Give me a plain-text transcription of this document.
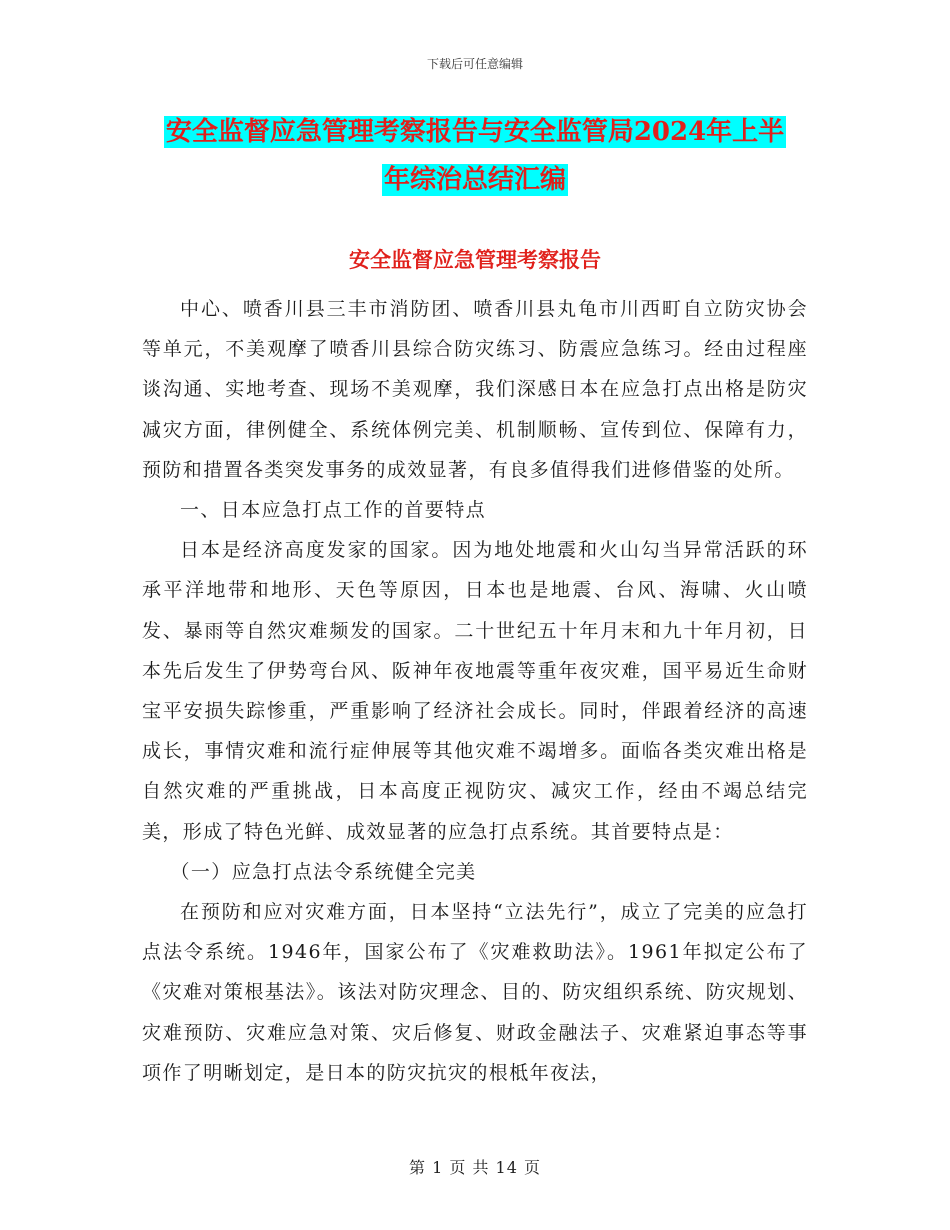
下载后可任意编辑
安全监督应急管理考察报告与安全监管局2024年上半
年综治总结汇编
安全监督应急管理考察报告

中心、喷香川县三丰市消防团、喷香川县丸龟市川西町自立防灾协会等单元，不美观摩了喷香川县综合防灾练习、防震应急练习。经由过程座谈沟通、实地考查、现场不美观摩，我们深感日本在应急打点出格是防灾减灾方面，律例健全、系统体例完美、机制顺畅、宣传到位、保障有力，预防和措置各类突发事务的成效显著，有良多值得我们进修借鉴的处所。

一、日本应急打点工作的首要特点

日本是经济高度发家的国家。因为地处地震和火山勾当异常活跃的环承平洋地带和地形、天色等原因，日本也是地震、台风、海啸、火山喷发、暴雨等自然灾难频发的国家。二十世纪五十年月末和九十年月初，日本先后发生了伊势弯台风、阪神年夜地震等重年夜灾难，国平易近生命财宝平安损失踪惨重，严重影响了经济社会成长。同时，伴跟着经济的高速成长，事情灾难和流行症伸展等其他灾难不竭增多。面临各类灾难出格是自然灾难的严重挑战，日本高度正视防灾、减灾工作，经由不竭总结完美，形成了特色光鲜、成效显著的应急打点系统。其首要特点是：

（一）应急打点法令系统健全完美

在预防和应对灾难方面，日本坚持“立法先行”，成立了完美的应急打点法令系统。1946年，国家公布了《灾难救助法》。1961年拟定公布了《灾难对策根基法》。该法对防灾理念、目的、防灾组织系统、防灾规划、灾难预防、灾难应急对策、灾后修复、财政金融法子、灾难紧迫事态等事项作了明晰划定，是日本的防灾抗灾的根柢年夜法，

第 1 页 共 14 页
